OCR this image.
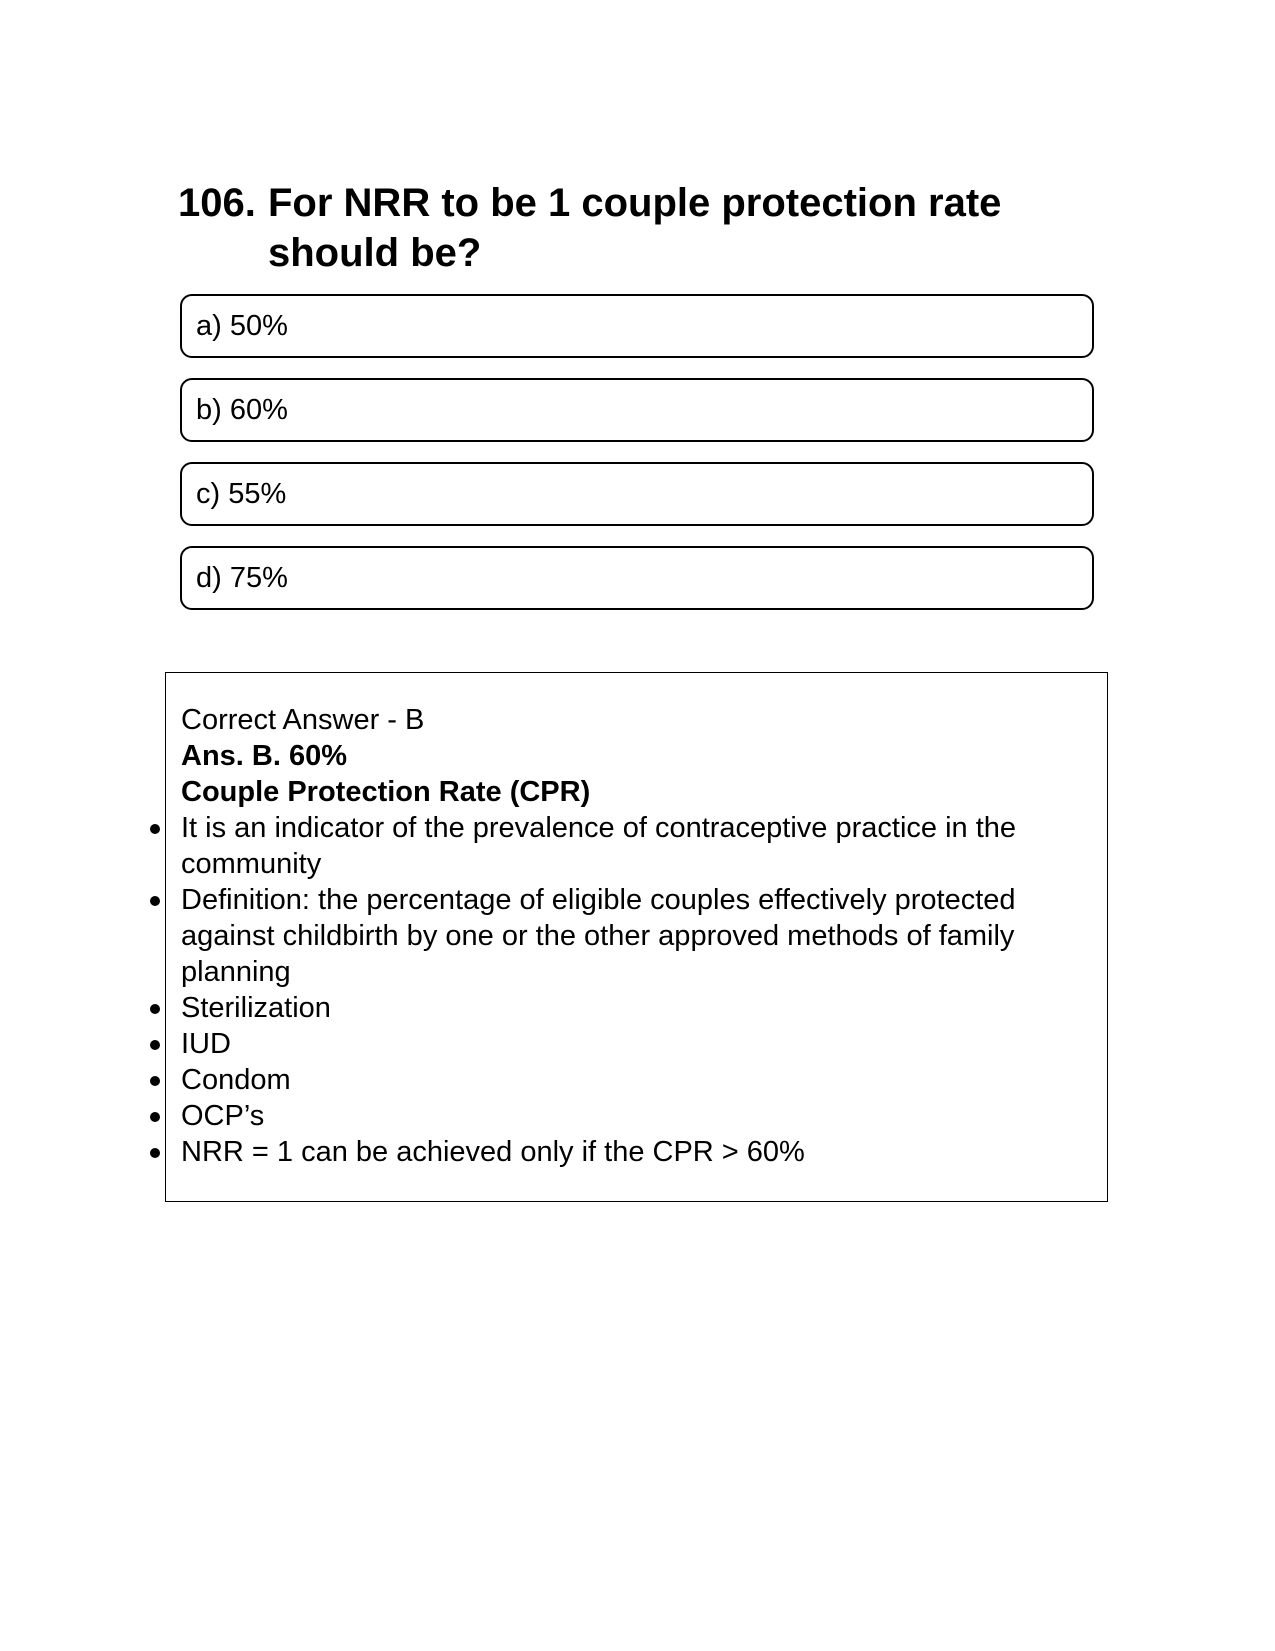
106. For NRR to be 1 couple protection rate should be?
a) 50%
b) 60%
c) 55%
d) 75%
Correct Answer - B
Ans. B. 60%
Couple Protection Rate (CPR)
It is an indicator of the prevalence of contraceptive practice in the community
Definition: the percentage of eligible couples effectively protected against childbirth by one or the other approved methods of family planning
Sterilization
IUD
Condom
OCP’s
NRR = 1 can be achieved only if the CPR > 60%
